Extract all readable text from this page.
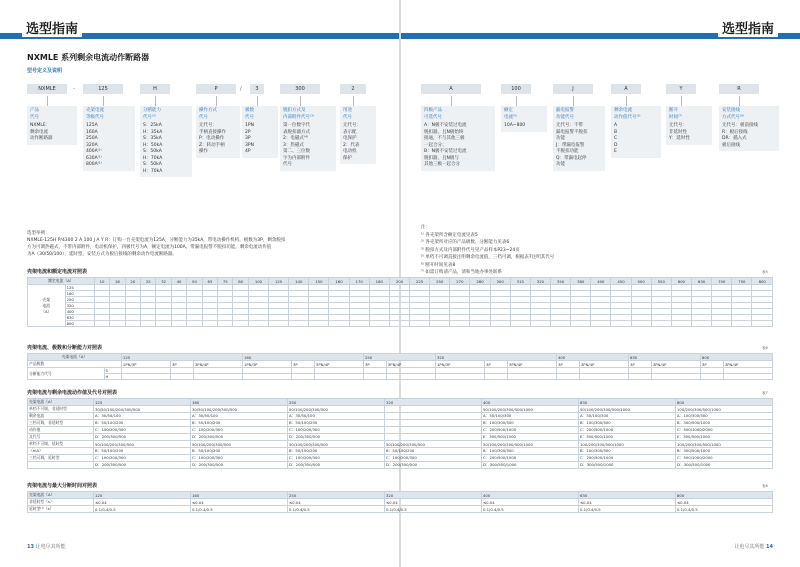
选型指南
NXMLE 系列剩余电流动作断路器
型号定义及说明
NXMLE	125	H	P	3	300	2
-	/
产品
代号
NXMLE：
剩余电流
动作断路器
壳架电流
等级代号
125A
160A
250A
320A
400A⁽¹⁾
630A⁽¹⁾
800A⁽¹⁾
分断能力
代号⁽²⁾
S：25kA
H：35kA
S：35kA
H：50kA
S：50kA
H：70kA
S：50kA
H：70kA
操作方式
代号
无代号：
手柄直接操作
P：电动操作
Z：转动手柄
操作
极数
代号
1PN
2P
3P
3PN
4P
脱扣方式及
内部附件代号⁽³⁾
第一位数字代
表脱扣器方式
2：电磁式⁽⁴⁾
3：热磁式
第二、三位数
字为内部附件
代号
用途
代号
无代号：
表示配
电保护
2：代表
电动机
保护
选型举例：
NXMLE-125H P/4300 2 A 100 J A Y R：订购一台壳架电流为125A，分断能力为35kA，带电动操作机构，极数为3P，剩余脱扣
方为可调热磁式，不带内部附件，电动机保护，四极代号为A，额定电流为100A，带漏电报警不脱扣功能，剩余电流动作值
为A（30/50/100），延时型，安装方式为板后接线的剩余动作电流断路器。
13 让电尽其所能
选型指南
A	100	J	A	Y	R
四极产品
可选代号
A：N极不安装过电流
脱扣器，且N极始终
接通，不与其他三极
一起合分；
B：N极不安装过电流
脱扣器，且N极与
其他三极一起合分
额定
电流⁽⁵⁾
10A~800
漏电报警
功能代号
无代号：不带
漏电报警不脱扣
功能
J：带漏电报警
不脱扣功能
Q：带漏电起停
功能
剩余电流
动作值代号⁽⁶⁾
A
B
C
D
E
断开
时间⁽⁷⁾
无代号：
非延时性
Y：延时性
安装接线
方式代号⁽⁸⁾
无代号：板前接线
R：板后接线
DR：插入式
板后接线
注：
¹⁾ 各壳架所含额定电流见表5
²⁾ 各壳架所对应的产品极数、分断能力见表6
³⁾ 脱扣方式及内部附件代号见产品样本P23~24页
⁵⁾ 单档不可调直接注明剩余电流值，三档可调，根据表7注明其代号
⁶⁾ 断开时间见表8
⁷⁾ 如需订购请产品，请和当地办事处联系
让电尽其所能 14
壳架电流和额定电流对照表	表5
额定电流（A）		10	16	20	25	32	40	50	63	75	80	100	125	140	150	160	170	180	200	225	250	270	280	300	315	320	350	380	400	450	500	550	600	630	700	750	800
壳架
电流
（A）	125																																				
	160																																				
	250																																				
	320																																				
	400																																				
	630																																				
	800																																				
壳架电流、极数和分断能力对照表	表6
壳架电流（A）		125			160			250		320			400		630		800	
产品极数		1PN/3P	3P	3PN/4P	1PN/3P	3P	3PN/4P	3P	3PN/4P	1PN/3P	3P	3PN/4P	3P	3PN/4P	3P	3PN/4P	3P	3PN/4P
分断能力代号	S																	
	H																	
壳架电流与剩余电流动作值及代号对照表	表7
壳架电流（A）	125	160	250	320	400	630	800
单档不可调，非延时型	30/50/100/200/300/500	30/50/100/200/300/500	50/100/200/300/500		50/100/200/300/500/1000	50/100/200/300/500/1000	100/200/300/500/1000
剩余电流	A：30/50/100	A：30/50/100	A：30/50/100		A：50/100/300	A：50/100/300	A：100/300/500
三档可调，非延时型	B：50/100/200	B：50/100/200	B：50/100/200		B：100/300/500	B：100/300/500	B：300/500/1000
动作值	C：100/200/300	C：100/200/300	C：100/200/300		C：200/500/1000	C：200/500/1000	C：500/1000/2000
及代号	D：200/300/500	D：200/300/500	D：200/300/500		E：300/500/1000	E：300/500/1000	E：300/500/1000
单档不可调，延时型	50/100/200/300/500	50/100/200/300/500	50/100/200/300/500	50/100/200/300/500	50/100/200/300/500/1000	100/200/300/500/1000	100/200/300/500/1000
（mA）	B：50/100/200	B：50/100/200	B：50/100/200	B：50/100/200	B：100/300/500	B：100/300/500	B：300/500/1000
三档可调，延时型	C：100/200/300	C：100/200/300	C：100/200/300	C：100/200/300	C：200/500/1000	C：200/500/1000	C：500/1000/2000
	D：200/300/500	D：200/300/500	D：200/300/500	D：200/300/500	D：300/500/1000	D：300/500/1000	D：300/500/1000
壳架电流与最大分断时间对照表	表8
壳架电流（A）	125	160	250	320	400	630	800
非延时型（s）	≤0.04	≤0.04	≤0.04	≤0.04	≤0.04	≤0.04	≤0.04
延时型⁽¹⁾（s）	0.1/0.4/0.5	0.1/0.4/0.5	0.1/0.4/0.5	0.1/0.4/0.5	0.1/0.4/0.5	0.1/0.4/0.5	0.1/0.4/0.5
